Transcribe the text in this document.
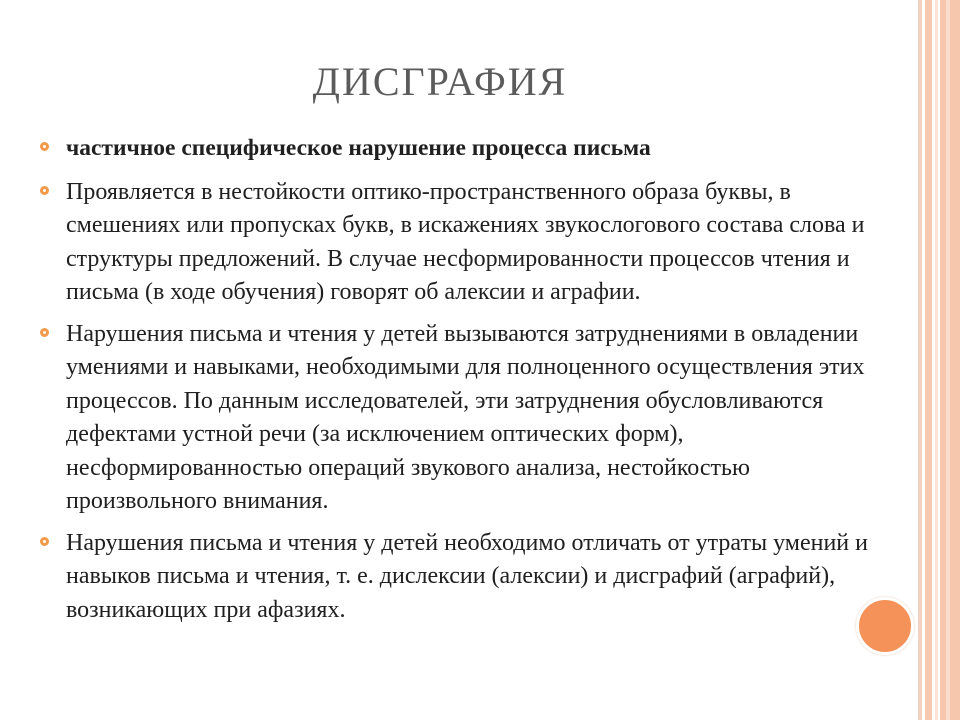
ДИСГРАФИЯ
частичное специфическое нарушение процесса письма
Проявляется в нестойкости оптико-пространственного образа буквы, в смешениях или пропусках букв, в искажениях звукослогового состава слова и структуры предложений. В случае несформированности процессов чтения и письма (в ходе обучения) говорят об алексии и аграфии.
Нарушения письма и чтения у детей вызываются затруднениями в овладении умениями и навыками, необходимыми для полноценного осуществления этих процессов. По данным исследователей, эти затруднения обусловливаются дефектами устной речи (за исключением оптических форм), несформированностью операций звукового анализа, нестойкостью произвольного внимания.
Нарушения письма и чтения у детей необходимо отличать от утраты умений и навыков письма и чтения, т. е. дислексии (алексии) и дисграфий (аграфий), возникающих при афазиях.
